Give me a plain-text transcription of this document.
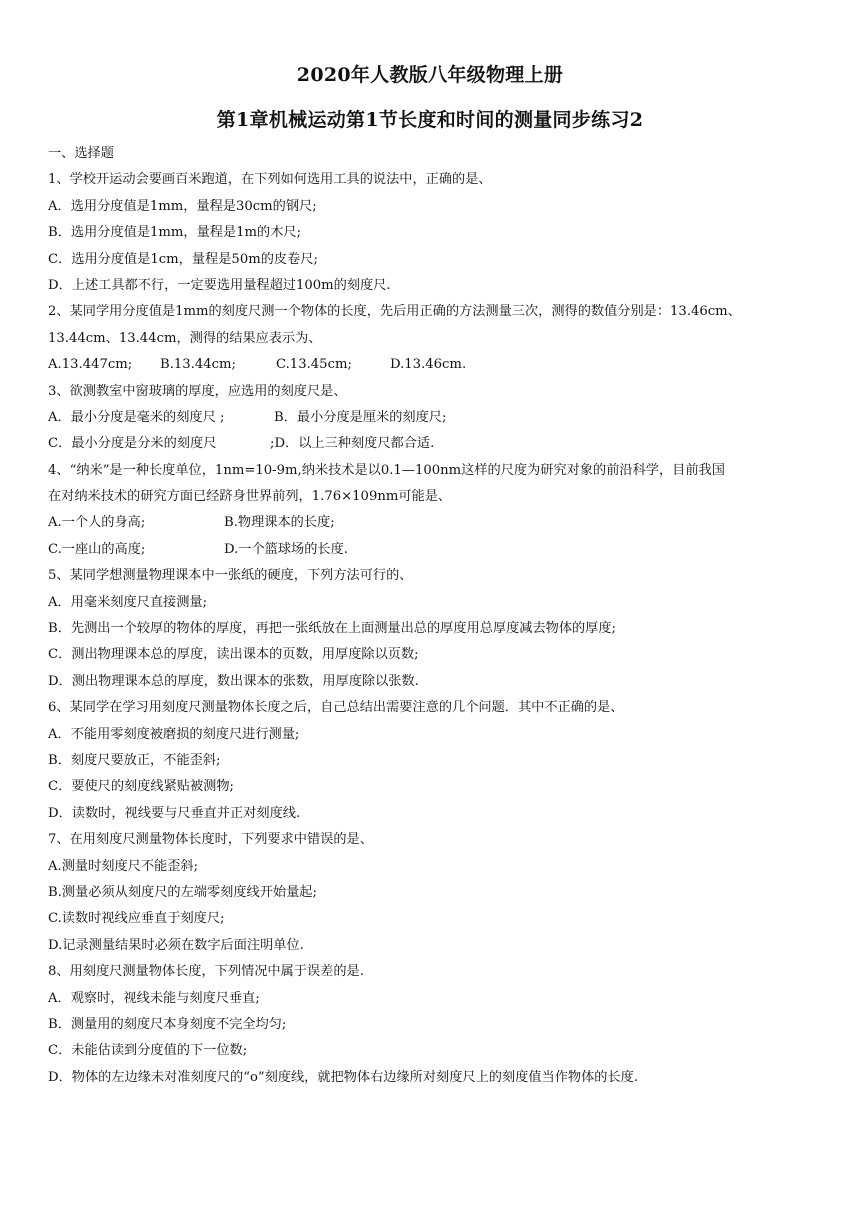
2020年人教版八年级物理上册
第1章机械运动第1节长度和时间的测量同步练习2
一、选择题
1、学校开运动会要画百米跑道，在下列如何选用工具的说法中，正确的是、
A．选用分度值是1mm，量程是30cm的钢尺;
B．选用分度值是1mm，量程是1m的木尺;
C．选用分度值是1cm，量程是50m的皮卷尺;
D．上述工具都不行，一定要选用量程超过100m的刻度尺.
2、某同学用分度值是1mm的刻度尺测一个物体的长度，先后用正确的方法测量三次，测得的数值分别是：13.46cm、
13.44cm、13.44cm，测得的结果应表示为、
A.13.447cm;	B.13.44cm;	C.13.45cm;	D.13.46cm.
3、欲测教室中窗玻璃的厚度，应选用的刻度尺是、
A．最小分度是毫米的刻度尺 ;	B．最小分度是厘米的刻度尺;
C．最小分度是分米的刻度尺	;D．以上三种刻度尺都合适.
4、“纳米”是一种长度单位，1nm=10-9m,纳米技术是以0.1—100nm这样的尺度为研究对象的前沿科学，目前我国
在对纳米技术的研究方面已经跻身世界前列，1.76×109nm可能是、
A.一个人的身高;	B.物理课本的长度;
C.一座山的高度;	D.一个篮球场的长度.
5、某同学想测量物理课本中一张纸的硬度，下列方法可行的、
A．用毫米刻度尺直接测量;
B．先测出一个较厚的物体的厚度，再把一张纸放在上面测量出总的厚度用总厚度减去物体的厚度;
C．测出物理课本总的厚度，读出课本的页数，用厚度除以页数;
D．测出物理课本总的厚度，数出课本的张数，用厚度除以张数.
6、某同学在学习用刻度尺测量物体长度之后，自己总结出需要注意的几个问题．其中不正确的是、
A．不能用零刻度被磨损的刻度尺进行测量;
B．刻度尺要放正，不能歪斜;
C．要使尺的刻度线紧贴被测物;
D．读数时，视线要与尺垂直并正对刻度线.
7、在用刻度尺测量物体长度时，下列要求中错误的是、
A.测量时刻度尺不能歪斜;
B.测量必须从刻度尺的左端零刻度线开始量起;
C.读数时视线应垂直于刻度尺;
D.记录测量结果时必须在数字后面注明单位.
8、用刻度尺测量物体长度，下列情况中属于误差的是.
A．观察时，视线未能与刻度尺垂直;
B．测量用的刻度尺本身刻度不完全均匀;
C．未能估读到分度值的下一位数;
D．物体的左边缘未对准刻度尺的“o”刻度线，就把物体右边缘所对刻度尺上的刻度值当作物体的长度.
